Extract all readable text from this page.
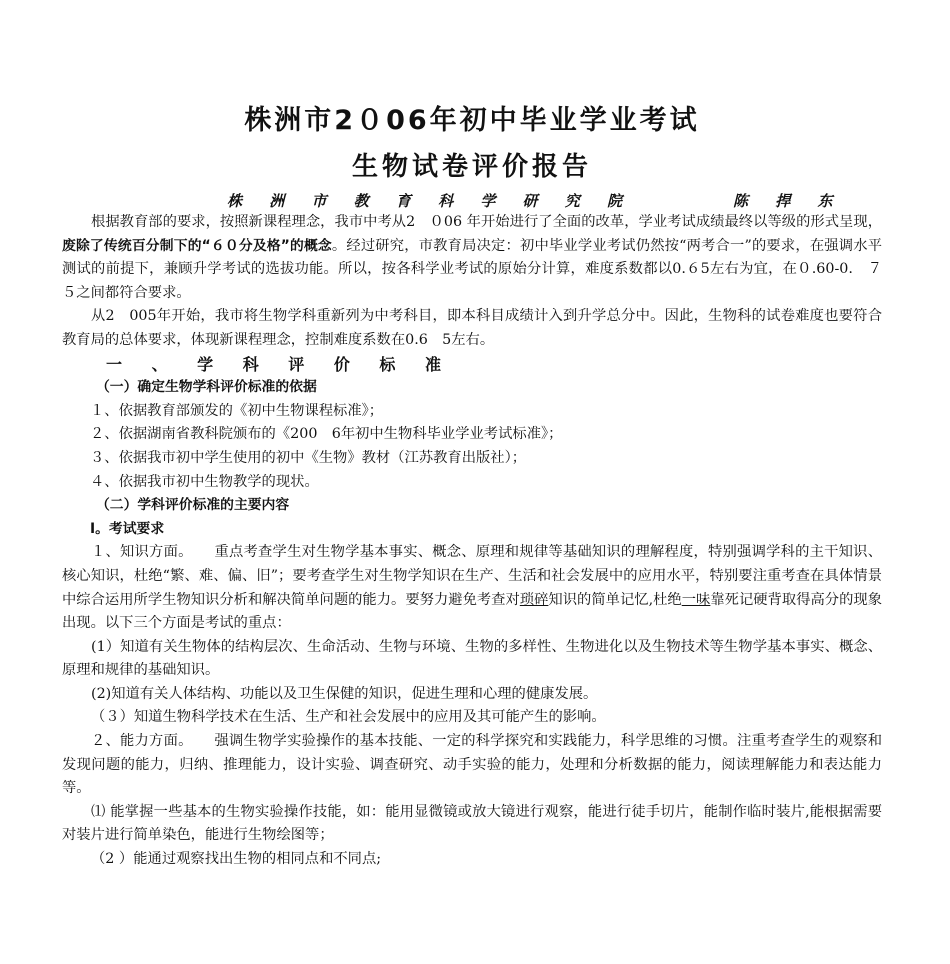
株洲市2０06年初中毕业学业考试
生物试卷评价报告
株 洲 市 教 育 科 学 研 究 院	陈 捍 东

根据教育部的要求，按照新课程理念，我市中考从2　０06 年开始进行了全面的改革，学业考试成绩最终以等级的形式呈现，废除了传统百分制下的“６０分及格”的概念。经过研究，市教育局决定：初中毕业学业考试仍然按“两考合一”的要求，在强调水平测试的前提下，兼顾升学考试的选拔功能。所以，按各科学业考试的原始分计算，难度系数都以0.６5左右为宜，在０.60-0.　７５之间都符合要求。

从2　005年开始，我市将生物学科重新列为中考科目，即本科目成绩计入到升学总分中。因此，生物科的试卷难度也要符合教育局的总体要求，体现新课程理念，控制难度系数在0.6　5左右。

一 、 学 科 评 价 标 准

（一）确定生物学科评价标准的依据

１、依据教育部颁发的《初中生物课程标准》；

２、依据湖南省教科院颁布的《200　6年初中生物科毕业学业考试标准》；

３、依据我市初中学生使用的初中《生物》教材（江苏教育出版社）；

４、依据我市初中生物教学的现状。

（二）学科评价标准的主要内容

Ⅰ。考试要求

１、知识方面。　　重点考查学生对生物学基本事实、概念、原理和规律等基础知识的理解程度，特别强调学科的主干知识、核心知识，杜绝“繁、难、偏、旧”；要考查学生对生物学知识在生产、生活和社会发展中的应用水平，特别要注重考查在具体情景中综合运用所学生物知识分析和解决简单问题的能力。要努力避免考查对琐碎知识的简单记忆,杜绝一味靠死记硬背取得高分的现象出现。以下三个方面是考试的重点：

(1）知道有关生物体的结构层次、生命活动、生物与环境、生物的多样性、生物进化以及生物技术等生物学基本事实、概念、原理和规律的基础知识。

(2)知道有关人体结构、功能以及卫生保健的知识，促进生理和心理的健康发展。

（３）知道生物科学技术在生活、生产和社会发展中的应用及其可能产生的影响。

２、能力方面。　　强调生物学实验操作的基本技能、一定的科学探究和实践能力，科学思维的习惯。注重考查学生的观察和发现问题的能力，归纳、推理能力，设计实验、调查研究、动手实验的能力，处理和分析数据的能力，阅读理解能力和表达能力等。

⑴ 能掌握一些基本的生物实验操作技能，如：能用显微镜或放大镜进行观察，能进行徒手切片，能制作临时装片,能根据需要对装片进行简单染色，能进行生物绘图等；

（2 ）能通过观察找出生物的相同点和不同点;
